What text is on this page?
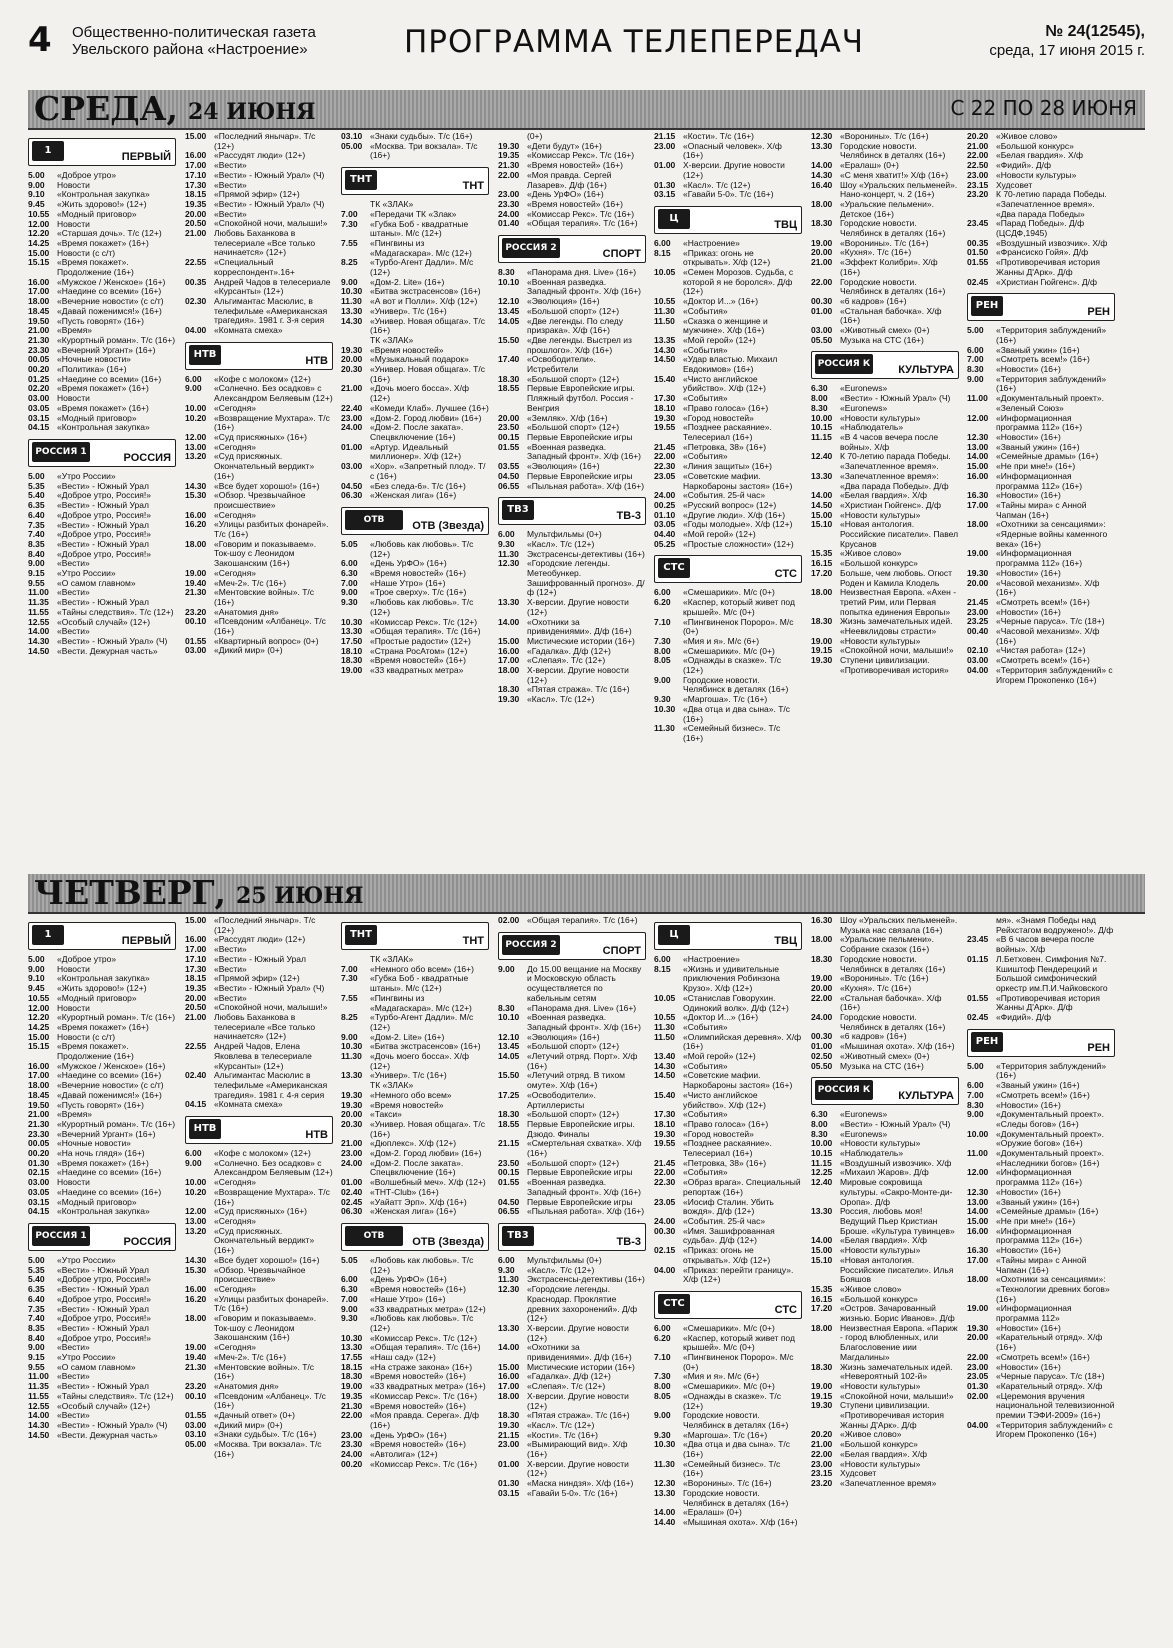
4 Общественно-политическая газета Увельского района «Настроение»	ПРОГРАММА ТЕЛЕПЕРЕДАЧ	№ 24(12545),
среда, 17 июня 2015 г.
СРЕДА, 24 ИЮНЯ	С 22 ПО 28 ИЮНЯ
1
ПЕРВЫЙ
5.00	«Доброе утро»
9.00	Новости
9.10	«Контрольная закупка»
9.45	«Жить здорово!» (12+)
10.55 «Модный приговор»
12.00 Новости
12.20 «Старшая дочь». Т/с (12+)
14.25 «Время покажет» (16+)
15.00 Новости (с с/т)
15.15 «Время покажет». Продолжение (16+)
16.00 «Мужское / Женское» (16+)
17.00 «Наедине со всеми» (16+)
18.00 «Вечерние новости» (с с/т)
18.45 «Давай поженимся!» (16+)
19.50 «Пусть говорят» (16+)
21.00 «Время»
21.30 «Курортный роман». Т/с (16+)
23.30 «Вечерний Ургант» (16+)
00.05 «Ночные новости»
00.20 «Политика» (16+)
01.25 «Наедине со всеми» (16+)
02.20 «Время покажет» (16+)
03.00 Новости
03.05 «Время покажет» (16+)
03.15 «Модный приговор»
04.15 «Контрольная закупка»
РОССИЯ 1	РОССИЯ
5.00	«Утро России»
5.35	«Вести» - Южный Урал
5.40	«Доброе утро, Россия!»
6.35	«Вести» - Южный Урал
6.40	«Доброе утро, Россия!»
7.35	«Вести» - Южный Урал
7.40	«Доброе утро, Россия!»
8.35	«Вести» - Южный Урал
8.40	«Доброе утро, Россия!»
9.00	«Вести»
9.15	«Утро России»
9.55	«О самом главном»
11.00 «Вести»
11.35 «Вести» - Южный Урал
11.55 «Тайны следствия». Т/с (12+)
12.55 «Особый случай» (12+)
14.00 «Вести»
14.30 «Вести» - Южный Урал» (Ч)
14.50 «Вести. Дежурная часть»
15.00 «Последний янычар». Т/с (12+)
16.00 «Рассудят люди» (12+)
17.00 «Вести»
17.10 «Вести» - Южный Урал» (Ч)
17.30 «Вести»
18.15 «Прямой эфир» (12+)
19.35 «Вести» - Южный Урал» (Ч)
20.00 «Вести»
20.50 «Спокойной ночи, малыши!»
21.00 Любовь Баханкова в телесериале «Все только начинается» (12+)
22.55 «Специальный корреспондент».16+
00.35 Андрей Чадов в телесериале «Курсанты» (12+)
02.30 Альгимантас Масюлис, в телефильме «Американская трагедия». 1981 г. 3-я серия
04.00 «Комната смеха»
НТВ
НТВ
6.00	«Кофе с молоком» (12+)
9.00	«Солнечно. Без осадков» с Александром Беляевым (12+)
10.00 «Сегодня»
10.20 «Возвращение Мухтара». Т/с (16+)
12.00 «Суд присяжных» (16+)
13.00 «Сегодня»
13.20 «Суд присяжных. Окончательный вердикт» (16+)
14.30 «Все будет хорошо!» (16+)
15.30 «Обзор. Чрезвычайное происшествие»
16.00 «Сегодня»
16.20 «Улицы разбитых фонарей». Т/с (16+)
18.00 «Говорим и показываем». Ток-шоу с Леонидом Закошанским (16+)
19.00 «Сегодня»
19.40 «Меч-2». Т/с (16+)
21.30 «Ментовские войны». Т/с (16+)
23.20 «Анатомия дня»
00.10 «Псевдоним «Албанец». Т/с (16+)
01.55 «Квартирный вопрос» (0+)
03.00 «Дикий мир» (0+)
03.10 «Знаки судьбы». Т/с (16+)
05.00 «Москва. Три вокзала». Т/с (16+)
ТНТ
ТНТ
ТК «ЗЛАК»
7.00	«Передачи ТК «Злак»
7.30	«Губка Боб - квадратные штаны». М/с (12+)
7.55	«Пингвины из «Мадагаскара». М/с (12+)
8.25	«Турбо-Агент Дадли». М/с (12+)
9.00	«Дом-2. Lite» (16+)
10.30 «Битва экстрасенсов» (16+)
11.30 «А вот и Полли». Х/ф (12+)
13.30 «Универ». Т/с (16+)
14.30 «Универ. Новая общага». Т/с (16+)
ТК «ЗЛАК»
19.30 «Время новостей»
20.00 «Музыкальный подарок»
20.30 «Универ. Новая общага». Т/с (16+)
21.00 «Дочь моего босса». Х/ф (12+)
22.40 «Комеди Клаб». Лучшее (16+)
23.00 «Дом-2. Город любви» (16+)
24.00 «Дом-2. После заката». Спецвключение (16+)
01.00 «Артур. Идеальный миллионер». Х/ф (12+)
03.00 «Хор». «Запретный плод». Т/с (16+)
04.50 «Без следа-6». Т/с (16+)
06.30 «Женская лига» (16+)
ОТВ	ОТВ (Звезда)
5.05	«Любовь как любовь». Т/с (12+)
6.00	«День УрФО» (16+)
6.30	«Время новостей» (16+)
7.00	«Наше Утро» (16+)
9.00	«Трое сверху». Т/с (16+)
9.30	«Любовь как любовь». Т/с (12+)
10.30 «Комиссар Рекс». Т/с (12+)
13.30 «Общая терапия». Т/с (16+)
17.50 «Простые радости» (12+)
18.10 «Страна РосАтом» (12+)
18.30 «Время новостей» (16+)
19.00 «33 квадратных метра»
(0+)
19.30 «Дети будут» (16+)
19.35 «Комиссар Рекс». Т/с (16+)
21.30 «Время новостей» (16+)
22.00 «Моя правда. Сергей Лазарев». Д/ф (16+)
23.00 «День УрФО» (16+)
23.30 «Время новостей» (16+)
24.00 «Комиссар Рекс». Т/с (16+)
01.40 «Общая терапия». Т/с (16+)
РОССИЯ 2	СПОРТ
8.30	«Панорама дня. Live» (16+)
10.10 «Военная разведка. Западный фронт». Х/ф (16+)
12.10 «Эволюция» (16+)
13.45 «Большой спорт» (12+)
14.05 «Две легенды. По следу призрака». Х/ф (16+)
15.50 «Две легенды. Выстрел из прошлого». Х/ф (16+)
17.40 «Освободители». Истребители
18.30 «Большой спорт» (12+)
18.55 Первые Европейские игры. Пляжный футбол. Россия - Венгрия
20.00 «Земляк». Х/ф (16+)
23.50 «Большой спорт» (12+)
00.15 Первые Европейские игры
01.55 «Военная разведка. Западный фронт». Х/ф (16+)
03.55 «Эволюция» (16+)
04.50 Первые Европейские игры
06.55 «Пыльная работа». Х/ф (16+)
ТВ3
ТВ-3
6.00	Мультфильмы (0+)
9.30	«Касл». Т/с (12+)
11.30 Экстрасенсы-детективы (16+)
12.30 «Городские легенды. Метеобункер. Зашифрованный прогноз». Д/ф (12+)
13.30 Х-версии. Другие новости (12+)
14.00 «Охотники за привидениями». Д/ф (16+)
15.00 Мистические истории (16+)
16.00 «Гадалка». Д/ф (12+)
17.00 «Слепая». Т/с (12+)
18.00 Х-версии. Другие новости (12+)
18.30 «Пятая стража». Т/с (16+)
19.30 «Касл». Т/с (12+)
21.15 «Кости». Т/с (16+)
23.00 «Опасный человек». Х/ф (16+)
01.00 Х-версии. Другие новости (12+)
01.30 «Касл». Т/с (12+)
03.15 «Гавайи 5-0». Т/с (16+)
Ц
ТВЦ
6.00	«Настроение»
8.15	«Приказ: огонь не открывать». Х/ф (12+)
10.05 «Семен Морозов. Судьба, с которой я не боролся». Д/ф (12+)
10.55 «Доктор И...» (16+)
11.30 «События»
11.50 «Сказка о женщине и мужчине». Х/ф (16+)
13.35 «Мой герой» (12+)
14.30 «События»
14.50 «Удар властью. Михаил Евдокимов» (16+)
15.40 «Чисто английское убийство». Х/ф (12+)
17.30 «События»
18.10 «Право голоса» (16+)
19.30 «Город новостей»
19.55 «Позднее раскаяние». Телесериал (16+)
21.45 «Петровка, 38» (16+)
22.00 «События»
22.30 «Линия защиты» (16+)
23.05 «Советские мафии. Наркобароны застоя» (16+)
24.00 «События. 25-й час»
00.25 «Русский вопрос» (12+)
01.10 «Другие люди». Х/ф (16+)
03.05 «Годы молодые». Х/ф (12+)
04.40 «Мой герой» (12+)
05.25 «Простые сложности» (12+)
СТС
СТС
6.00	«Смешарики». М/с (0+)
6.20	«Каспер, который живет под крышей». М/с (0+)
7.10	«Пингвиненок Пороро». М/с (0+)
7.30	«Мия и я». М/с (6+)
8.00	«Смешарики». М/с (0+)
8.05	«Однажды в сказке». Т/с (12+)
9.00	Городские новости. Челябинск в деталях (16+)
9.30	«Маргоша». Т/с (16+)
10.30 «Два отца и два сына». Т/с (16+)
11.30 «Семейный бизнес». Т/с (16+)
12.30 «Воронины». Т/с (16+)
13.30 Городские новости. Челябинск в деталях (16+)
14.00 «Ералаш» (0+)
14.30 «С меня хватит!» Х/ф (16+)
16.40 Шоу «Уральских пельменей». Нано-концерт, ч. 2 (16+)
18.00 «Уральские пельмени». Детское (16+)
18.30 Городские новости. Челябинск в деталях (16+)
19.00 «Воронины». Т/с (16+)
20.00 «Кухня». Т/с (16+)
21.00 «Эффект Колибри». Х/ф (16+)
22.00 Городские новости. Челябинск в деталях (16+)
00.30 «6 кадров» (16+)
01.00 «Стальная бабочка». Х/ф (16+)
03.00 «Животный смех» (0+)
05.50 Музыка на СТС (16+)
РОССИЯ К	КУЛЬТУРА
6.30	«Euronews»
8.00	«Вести» - Южный Урал» (Ч)
8.30	«Euronews»
10.00 «Новости культуры»
10.15 «Наблюдатель»
11.15 «В 4 часов вечера после войны». Х/ф
12.40 К 70-летию парада Победы. «Запечатленное время».
13.30 «Запечатленное время»: «Два парада Победы». Д/ф
14.00 «Белая гвардия». Х/ф
14.50 «Христиан Гюйгенс». Д/ф
15.00 «Новости культуры»
15.10 «Новая антология. Российские писатели». Павел Крусанов
15.35 «Живое слово»
16.15 «Большой конкурс»
17.20 Больше, чем любовь. Огюст Роден и Камила Клодель
18.00 Неизвестная Европа. «Ахен - третий Рим, или Первая попытка единения Европы»
18.30 Жизнь замечательных идей. «Неевклидовы страсти»
19.00 «Новости культуры»
19.15 «Спокойной ночи, малыши!»
19.30 Ступени цивилизации. «Противоречивая история»
20.20 «Живое слово»
21.00 «Большой конкурс»
22.00 «Белая гвардия». Х/ф
22.50 «Фидий». Д/ф
23.00 «Новости культуры»
23.15 Худсовет
23.20 К 70-летию парада Победы. «Запечатленное время». «Два парада Победы»
23.45 «Парад Победы». Д/ф (ЦСДФ,1945)
00.35 «Воздушный извозчик». Х/ф
01.50 «Франсиско Гойя». Д/ф
01.55 «Противоречивая история Жанны Д'Арк». Д/ф
02.45 «Христиан Гюйгенс». Д/ф
РЕН
РЕН
5.00	«Территория заблуждений» (16+)
6.00	«Званый ужин» (16+)
7.00	«Смотреть всем!» (16+)
8.30	«Новости» (16+)
9.00	«Территория заблуждений» (16+)
11.00 «Документальный проект». «Зеленый Союз»
12.00 «Информационная программа 112» (16+)
12.30 «Новости» (16+)
13.00 «Званый ужин» (16+)
14.00 «Семейные драмы» (16+)
15.00 «Не при мне!» (16+)
16.00 «Информационная программа 112» (16+)
16.30 «Новости» (16+)
17.00 «Тайны мира» с Анной Чапман (16+)
18.00 «Охотники за сенсациями»: «Ядерные войны каменного века» (16+)
19.00 «Информационная программа 112» (16+)
19.30 «Новости» (16+)
20.00 «Часовой механизм». Х/ф (16+)
21.45 «Смотреть всем!» (16+)
23.00 «Новости» (16+)
23.25 «Черные паруса». Т/с (18+)
00.40 «Часовой механизм». Х/ф (16+)
02.10 «Чистая работа» (12+)
03.00 «Смотреть всем!» (16+)
04.00 «Территория заблуждений» с Игорем Прокопенко (16+)
ЧЕТВЕРГ, 25 ИЮНЯ
1
ПЕРВЫЙ
5.00	«Доброе утро»
9.00	Новости
9.10	«Контрольная закупка»
9.45	«Жить здорово!» (12+)
10.55 «Модный приговор»
12.00 Новости
12.20 «Курортный роман». Т/с (16+)
14.25 «Время покажет» (16+)
15.00 Новости (с с/т)
15.15 «Время покажет». Продолжение (16+)
16.00 «Мужское / Женское» (16+)
17.00 «Наедине со всеми» (16+)
18.00 «Вечерние новости» (с с/т)
18.45 «Давай поженимся!» (16+)
19.50 «Пусть говорят» (16+)
21.00 «Время»
21.30 «Курортный роман». Т/с (16+)
23.30 «Вечерний Ургант» (16+)
00.05 «Ночные новости»
00.20 «На ночь глядя» (16+)
01.30 «Время покажет» (16+)
02.15 «Наедине со всеми» (16+)
03.00 Новости
03.05 «Наедине со всеми» (16+)
03.15 «Модный приговор»
04.15 «Контрольная закупка»
РОССИЯ 1	РОССИЯ
5.00	«Утро России»
5.35	«Вести» - Южный Урал
5.40	«Доброе утро, Россия!»
6.35	«Вести» - Южный Урал
6.40	«Доброе утро, Россия!»
7.35	«Вести» - Южный Урал
7.40	«Доброе утро, Россия!»
8.35	«Вести» - Южный Урал
8.40	«Доброе утро, Россия!»
9.00	«Вести»
9.15	«Утро России»
9.55	«О самом главном»
11.00 «Вести»
11.35 «Вести» - Южный Урал
11.55 «Тайны следствия». Т/с (12+)
12.55 «Особый случай» (12+)
14.00 «Вести»
14.30 «Вести» - Южный Урал» (Ч)
14.50 «Вести. Дежурная часть»
15.00 «Последний янычар». Т/с (12+)
16.00 «Рассудят люди» (12+)
17.00 «Вести»
17.10 «Вести» - Южный Урал
17.30 «Вести»
18.15 «Прямой эфир» (12+)
19.35 «Вести» - Южный Урал» (Ч)
20.00 «Вести»
20.50 «Спокойной ночи, малыши!»
21.00 Любовь Баханкова в телесериале «Все только начинается» (12+)
22.55 Андрей Чадов, Елена Яковлева в телесериале «Курсанты» (12+)
02.40 Альгимантас Масюлис в телефильме «Американская трагедия». 1981 г. 4-я серия
04.15 «Комната смеха»
НТВ
НТВ
6.00	«Кофе с молоком» (12+)
9.00	«Солнечно. Без осадков» с Александром Беляевым (12+)
10.00 «Сегодня»
10.20 «Возвращение Мухтара». Т/с (16+)
12.00 «Суд присяжных» (16+)
13.00 «Сегодня»
13.20 «Суд присяжных. Окончательный вердикт» (16+)
14.30 «Все будет хорошо!» (16+)
15.30 «Обзор. Чрезвычайное происшествие»
16.00 «Сегодня»
16.20 «Улицы разбитых фонарей». Т/с (16+)
18.00 «Говорим и показываем». Ток-шоу с Леонидом Закошанским (16+)
19.00 «Сегодня»
19.40 «Меч-2». Т/с (16+)
21.30 «Ментовские войны». Т/с (16+)
23.20 «Анатомия дня»
00.10 «Псевдоним «Албанец». Т/с (16+)
01.55 «Дачный ответ» (0+)
03.00 «Дикий мир» (0+)
03.10 «Знаки судьбы». Т/с (16+)
05.00 «Москва. Три вокзала». Т/с (16+)
ТНТ
ТНТ
ТК «ЗЛАК»
7.00	«Немного обо всем» (16+)
7.30	«Губка Боб - квадратные штаны». М/с (12+)
7.55	«Пингвины из «Мадагаскара». М/с (12+)
8.25	«Турбо-Агент Дадли». М/с (12+)
9.00	«Дом-2. Lite» (16+)
10.30 «Битва экстрасенсов» (16+)
11.30 «Дочь моего босса». Х/ф (12+)
13.30 «Универ». Т/с (16+)
ТК «ЗЛАК»
19.30 «Немного обо всем»
19.30 «Время новостей»
20.00 «Такси»
20.30 «Универ. Новая общага». Т/с (16+)
21.00 «Дюплекс». Х/ф (12+)
23.00 «Дом-2. Город любви» (16+)
24.00 «Дом-2. После заката». Спецвключение (16+)
01.00 «Волшебный меч». Х/ф (12+)
02.40 «ТНТ-Club» (16+)
02.45 «Уайатт Эрп». Х/ф (16+)
06.30 «Женская лига» (16+)
ОТВ	ОТВ (Звезда)
5.05	«Любовь как любовь». Т/с (12+)
6.00	«День УрФО» (16+)
6.30	«Время новостей» (16+)
7.00	«Наше Утро» (16+)
9.00	«33 квадратных метра» (12+)
9.30	«Любовь как любовь». Т/с (12+)
10.30 «Комиссар Рекс». Т/с (12+)
13.30 «Общая терапия». Т/с (16+)
17.55 «Наш сад» (12+)
18.15 «На страже закона» (16+)
18.30 «Время новостей» (16+)
19.00 «33 квадратных метра» (16+)
19.35 «Комиссар Рекс». Т/с (16+)
21.30 «Время новостей» (16+)
22.00 «Моя правда. Серега». Д/ф (16+)
23.00 «День УрФО» (16+)
23.30 «Время новостей» (16+)
24.00 «Автолига» (12+)
00.20 «Комиссар Рекс». Т/с (16+)
02.00 «Общая терапия». Т/с (16+)
РОССИЯ 2	СПОРТ
9.00	До 15.00 вещание на Москву и Московскую область осуществляется по кабельным сетям
8.30	«Панорама дня. Live» (16+)
10.10 «Военная разведка. Западный фронт». Х/ф (16+)
12.10 «Эволюция» (16+)
13.45 «Большой спорт» (12+)
14.05 «Летучий отряд. Порт». Х/ф (16+)
15.50 «Летучий отряд. В тихом омуте». Х/ф (16+)
17.25 «Освободители». Артиллеристы
18.30 «Большой спорт» (12+)
18.55 Первые Европейские игры. Дзюдо. Финалы
21.15 «Смертельная схватка». Х/ф (16+)
23.50 «Большой спорт» (12+)
00.15 Первые Европейские игры
01.55 «Военная разведка. Западный фронт». Х/ф (16+)
04.50 Первые Европейские игры
06.55 «Пыльная работа». Х/ф (16+)
ТВ3
ТВ-3
6.00	Мультфильмы (0+)
9.30	«Касл». Т/с (12+)
11.30 Экстрасенсы-детективы (16+)
12.30 «Городские легенды. Краснодар. Проклятие древних захоронений». Д/ф (12+)
13.30 Х-версии. Другие новости (12+)
14.00 «Охотники за привидениями». Д/ф (16+)
15.00 Мистические истории (16+)
16.00 «Гадалка». Д/ф (12+)
17.00 «Слепая». Т/с (12+)
18.00 Х-версии. Другие новости (12+)
18.30 «Пятая стража». Т/с (16+)
19.30 «Касл». Т/с (12+)
21.15 «Кости». Т/с (16+)
23.00 «Вымирающий вид». Х/ф (16+)
01.00 Х-версии. Другие новости (12+)
01.30 «Маска ниндзя». Х/ф (16+)
03.15 «Гавайи 5-0». Т/с (16+)
Ц
ТВЦ
6.00	«Настроение»
8.15	«Жизнь и удивительные приключения Робинзона Крузо». Х/ф (12+)
10.05 «Станислав Говорухин. Одинокий волк». Д/ф (12+)
10.55 «Доктор И...» (16+)
11.30 «События»
11.50 «Олимпийская деревня». Х/ф (16+)
13.40 «Мой герой» (12+)
14.30 «События»
14.50 «Советские мафии. Наркобароны застоя» (16+)
15.40 «Чисто английское убийство». Х/ф (12+)
17.30 «События»
18.10 «Право голоса» (16+)
19.30 «Город новостей»
19.55 «Позднее раскаяние». Телесериал (16+)
21.45 «Петровка, 38» (16+)
22.00 «События»
22.30 «Образ врага». Специальный репортаж (16+)
23.05 «Иосиф Сталин. Убить вождя». Д/ф (12+)
24.00 «События. 25-й час»
00.30 «Имя. Зашифрованная судьба». Д/ф (12+)
02.15 «Приказ: огонь не открывать». Х/ф (12+)
04.00 «Приказ: перейти границу». Х/ф (12+)
СТС
СТС
6.00	«Смешарики». М/с (0+)
6.20	«Каспер, который живет под крышей». М/с (0+)
7.10	«Пингвиненок Пороро». М/с (0+)
7.30	«Мия и я». М/с (6+)
8.00	«Смешарики». М/с (0+)
8.05	«Однажды в сказке». Т/с (12+)
9.00	Городские новости. Челябинск в деталях (16+)
9.30	«Маргоша». Т/с (16+)
10.30 «Два отца и два сына». Т/с (16+)
11.30 «Семейный бизнес». Т/с (16+)
12.30 «Воронины». Т/с (16+)
13.30 Городские новости. Челябинск в деталях (16+)
14.00 «Ералаш» (0+)
14.40 «Мышиная охота». Х/ф (16+)
16.30 Шоу «Уральских пельменей». Музыка нас связала (16+)
18.00 «Уральские пельмени». Собрание сказок (16+)
18.30 Городские новости. Челябинск в деталях (16+)
19.00 «Воронины». Т/с (16+)
20.00 «Кухня». Т/с (16+)
22.00 «Стальная бабочка». Х/ф (16+)
24.00 Городские новости. Челябинск в деталях (16+)
00.30 «6 кадров» (16+)
01.00 «Мышиная охота». Х/ф (16+)
02.50 «Животный смех» (0+)
05.50 Музыка на СТС (16+)
РОССИЯ К	КУЛЬТУРА
6.30	«Euronews»
8.00	«Вести» - Южный Урал» (Ч)
8.30	«Euronews»
10.00 «Новости культуры»
10.15 «Наблюдатель»
11.15 «Воздушный извозчик». Х/ф
12.25 «Михаил Жаров». Д/ф
12.40 Мировые сокровища культуры. «Сакро-Монте-ди-Оропа». Д/ф
13.30 Россия, любовь моя! Ведущий Пьер Кристиан Броше. «Культура тувинцев»
14.00 «Белая гвардия». Х/ф
15.00 «Новости культуры»
15.10 «Новая антология. Российские писатели». Илья Бояшов
15.35 «Живое слово»
16.15 «Большой конкурс»
17.20 «Остров. Зачарованный жизнью. Борис Иванов». Д/ф
18.00 Неизвестная Европа. «Париж - город влюбленных, или Благословение иии Магдалины»
18.30 Жизнь замечательных идей. «Невероятный 102-й»
19.00 «Новости культуры»
19.15 «Спокойной ночи, малыши!»
19.30 Ступени цивилизации. «Противоречивая история Жанны Д'Арк». Д/ф
20.20 «Живое слово»
21.00 «Большой конкурс»
22.00 «Белая гвардия». Х/ф
23.00 «Новости культуры»
23.15 Худсовет
23.20 «Запечатленное время»
мя». «Знамя Победы над Рейхстагом водружено!». Д/ф
23.45 «В 6 часов вечера после войны». Х/ф
01.15 Л.Бетховен. Симфония №7. Кшиштоф Пендерецкий и Большой симфонический оркестр им.П.И.Чайковского
01.55 «Противоречивая история Жанны Д'Арк». Д/ф
02.45 «Фидий». Д/ф
РЕН
РЕН
5.00	«Территория заблуждений» (16+)
6.00	«Званый ужин» (16+)
7.00	«Смотреть всем!» (16+)
8.30	«Новости» (16+)
9.00	«Документальный проект». «Следы богов» (16+)
10.00 «Документальный проект». «Оружие богов» (16+)
11.00 «Документальный проект». «Наследники богов» (16+)
12.00 «Информационная программа 112» (16+)
12.30 «Новости» (16+)
13.00 «Званый ужин» (16+)
14.00 «Семейные драмы» (16+)
15.00 «Не при мне!» (16+)
16.00 «Информационная программа 112» (16+)
16.30 «Новости» (16+)
17.00 «Тайны мира» с Анной Чапман (16+)
18.00 «Охотники за сенсациями»: «Технологии древних богов» (16+)
19.00 «Информационная программа 112»
19.30 «Новости» (16+)
20.00 «Карательный отряд». Х/ф (16+)
22.00 «Смотреть всем!» (16+)
23.00 «Новости» (16+)
23.05 «Черные паруса». Т/с (18+)
01.30 «Карательный отряд». Х/ф
02.00 «Церемония вручения национальной телевизионной премии ТЭФИ-2009» (16+)
04.00 «Территория заблуждений» с Игорем Прокопенко (16+)
